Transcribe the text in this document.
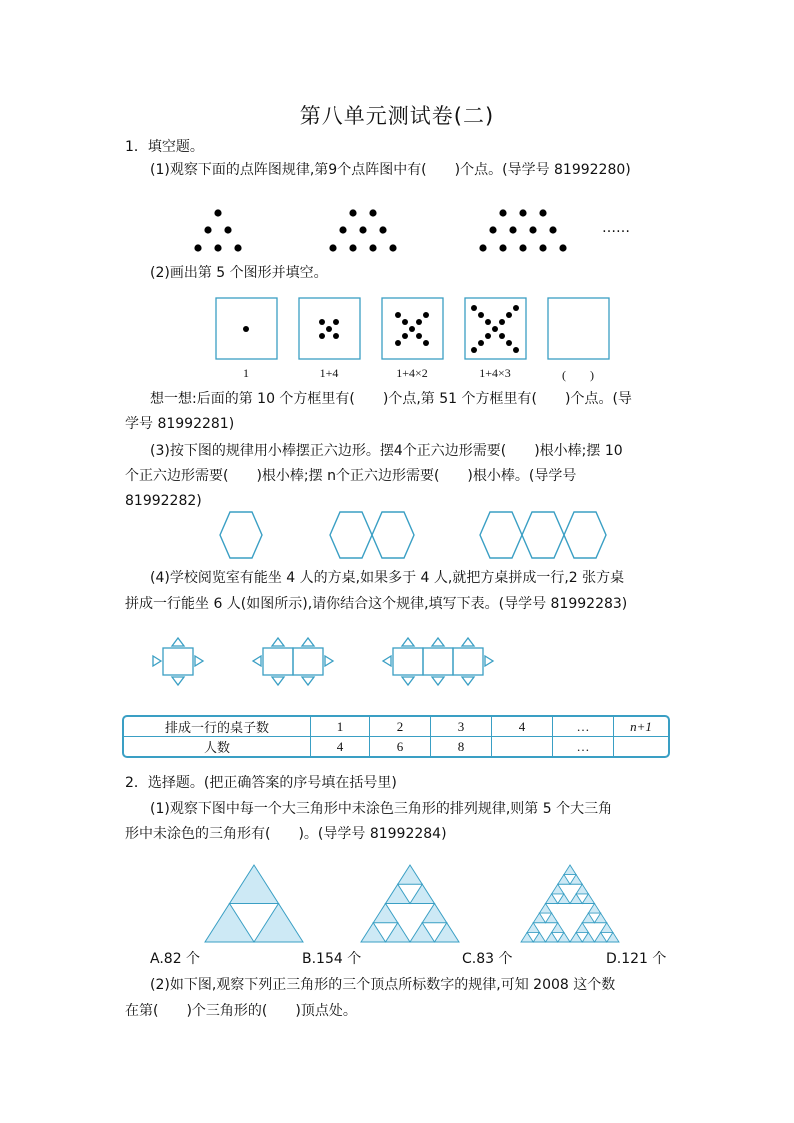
第八单元测试卷(二)
1．填空题。
(1)观察下面的点阵图规律,第9个点阵图中有(　　)个点。(导学号 81992280)
……
(2)画出第 5 个图形并填空。
1	1+4	1+4×2	1+4×3	(　　)
想一想:后面的第 10 个方框里有(　　)个点,第 51 个方框里有(　　)个点。(导
学号 81992281)
(3)按下图的规律用小棒摆正六边形。摆4个正六边形需要(　　)根小棒;摆 10
个正六边形需要(　　)根小棒;摆 n个正六边形需要(　　)根小棒。(导学号
81992282)
(4)学校阅览室有能坐 4 人的方桌,如果多于 4 人,就把方桌拼成一行,2 张方桌
拼成一行能坐 6 人(如图所示),请你结合这个规律,填写下表。(导学号 81992283)
排成一行的桌子数	1	2	3	4	…	n+1
人数	4	6	8		…	
2．选择题。(把正确答案的序号填在括号里)
(1)观察下图中每一个大三角形中未涂色三角形的排列规律,则第 5 个大三角
形中未涂色的三角形有(　　)。(导学号 81992284)
A.82 个	B.154 个	C.83 个	D.121 个
(2)如下图,观察下列正三角形的三个顶点所标数字的规律,可知 2008 这个数
在第(　　)个三角形的(　　)顶点处。
